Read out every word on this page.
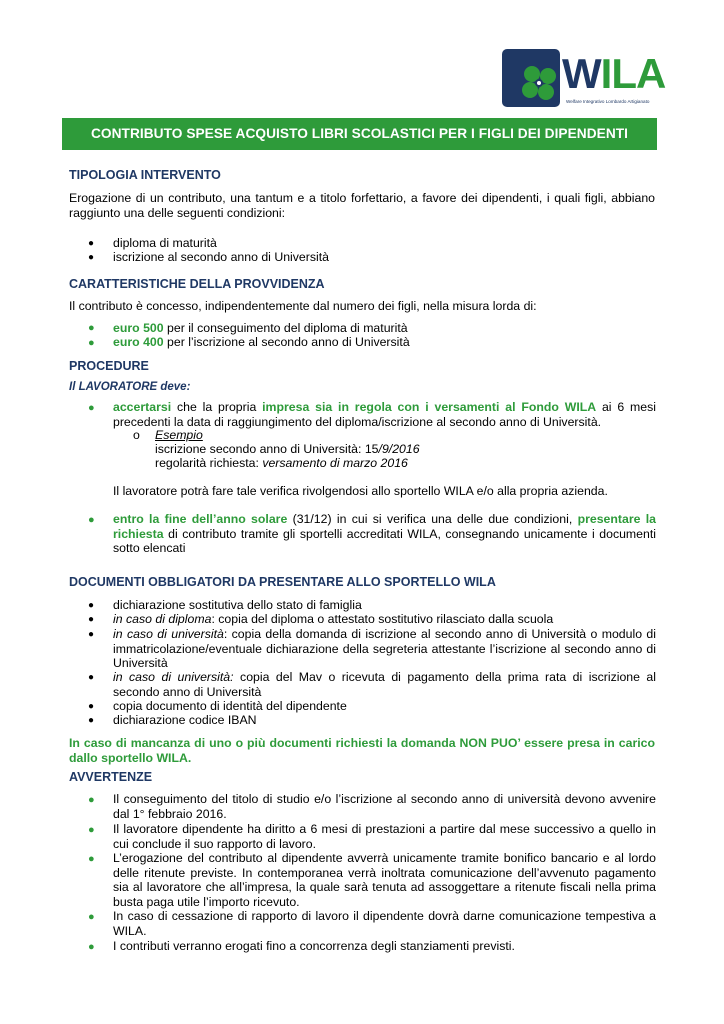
WILA
Welfare Integrativo Lombardo Artigianato
CONTRIBUTO SPESE ACQUISTO LIBRI SCOLASTICI PER I FIGLI DEI DIPENDENTI
TIPOLOGIA INTERVENTO
Erogazione di un contributo, una tantum e a titolo forfettario, a favore dei dipendenti, i quali figli, abbiano raggiunto una delle seguenti condizioni:
● diploma di maturità
● iscrizione al secondo anno di Università
CARATTERISTICHE DELLA PROVVIDENZA
Il contributo è concesso, indipendentemente dal numero dei figli, nella misura lorda di:
● euro 500 per il conseguimento del diploma di maturità
● euro 400 per l’iscrizione al secondo anno di Università
PROCEDURE
Il LAVORATORE deve:
● accertarsi che la propria impresa sia in regola con i versamenti al Fondo WILA ai 6 mesi precedenti la data di raggiungimento del diploma/iscrizione al secondo anno di Università.
o Esempio
iscrizione secondo anno di Università: 15/9/2016
regolarità richiesta: versamento di marzo 2016
Il lavoratore potrà fare tale verifica rivolgendosi allo sportello WILA e/o alla propria azienda.
● entro la fine dell’anno solare (31/12) in cui si verifica una delle due condizioni, presentare la richiesta di contributo tramite gli sportelli accreditati WILA, consegnando unicamente i documenti sotto elencati
DOCUMENTI OBBLIGATORI DA PRESENTARE ALLO SPORTELLO WILA
● dichiarazione sostitutiva dello stato di famiglia
● in caso di diploma: copia del diploma o attestato sostitutivo rilasciato dalla scuola
● in caso di università: copia della domanda di iscrizione al secondo anno di Università o modulo di immatricolazione/eventuale dichiarazione della segreteria attestante l’iscrizione al secondo anno di Università
● in caso di università: copia del Mav o ricevuta di pagamento della prima rata di iscrizione al secondo anno di Università
● copia documento di identità del dipendente
● dichiarazione codice IBAN
In caso di mancanza di uno o più documenti richiesti la domanda NON PUO’ essere presa in carico dallo sportello WILA.
AVVERTENZE
● Il conseguimento del titolo di studio e/o l’iscrizione al secondo anno di università devono avvenire dal 1° febbraio 2016.
● Il lavoratore dipendente ha diritto a 6 mesi di prestazioni a partire dal mese successivo a quello in cui conclude il suo rapporto di lavoro.
● L’erogazione del contributo al dipendente avverrà unicamente tramite bonifico bancario e al lordo delle ritenute previste. In contemporanea verrà inoltrata comunicazione dell’avvenuto pagamento sia al lavoratore che all’impresa, la quale sarà tenuta ad assoggettare a ritenute fiscali nella prima busta paga utile l’importo ricevuto.
● In caso di cessazione di rapporto di lavoro il dipendente dovrà darne comunicazione tempestiva a WILA.
● I contributi verranno erogati fino a concorrenza degli stanziamenti previsti.
